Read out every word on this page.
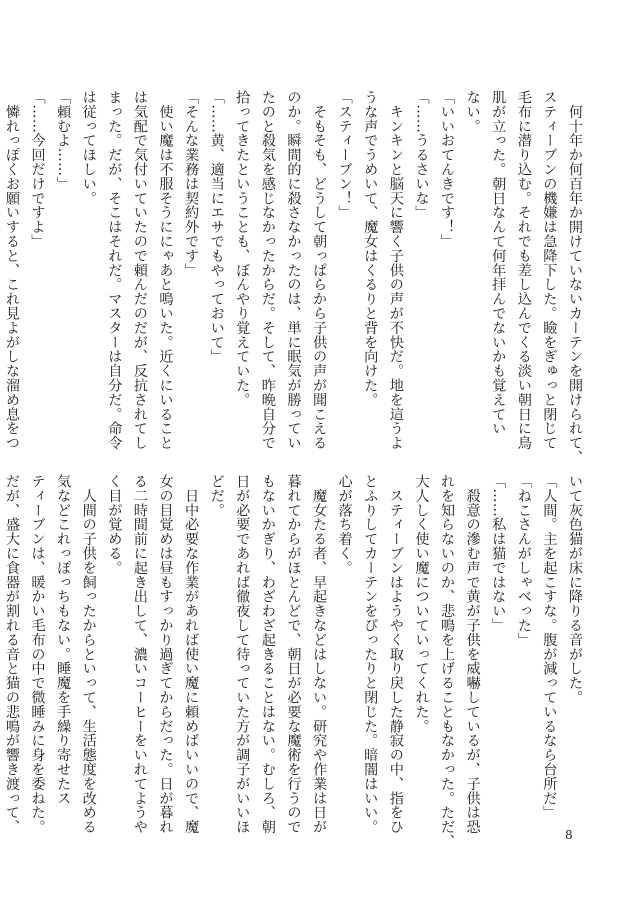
　何十年か何百年か開けていないカーテンを開けられて、

スティーブンの機嫌は急降下した。瞼をぎゅっと閉じて

毛布に潜り込む。それでも差し込んでくる淡い朝日に鳥

肌が立った。朝日なんて何年拝んでないかも覚えてい

ない。

「いいおてんきです！」

「……うるさいな」

　キンキンと脳天に響く子供の声が不快だ。地を這うよ

うな声でうめいて、魔女はくるりと背を向けた。

「スティーブン！」

　そもそも、どうして朝っぱらから子供の声が聞こえる

のか。瞬間的に殺さなかったのは、単に眠気が勝ってい

たのと殺気を感じなかったからだ。そして、昨晩自分で

拾ってきたということも、ぼんやり覚えていた。

「……黄、適当にエサでもやっておいて」

「そんな業務は契約外です」

　使い魔は不服そうににゃあと鳴いた。近くにいること

は気配で気付いていたので頼んだのだが、反抗されてし

まった。だが、そこはそれだ。マスターは自分だ。命令

は従ってほしい。

「頼むよ……」

「……今回だけですよ」

　憐れっぽくお願いすると、これ見よがしな溜め息をつ

いて灰色猫が床に降りる音がした。

「人間。主を起こすな。腹が減っているなら台所だ」

「ねこさんがしゃべった」

「……私は猫ではない」

　殺意の滲む声で黄が子供を威嚇しているが、子供は恐

れを知らないのか、悲鳴を上げることもなかった。ただ、

大人しく使い魔についていってくれた。

　スティーブンはようやく取り戻した静寂の中、指をひ

とふりしてカーテンをぴったりと閉じた。暗闇はいい。

心が落ち着く。

　魔女たる者、早起きなどはしない。研究や作業は日が

暮れてからがほとんどで、朝日が必要な魔術を行うので

もないかぎり、わざわざ起きることはない。むしろ、朝

日が必要であれば徹夜して待っていた方が調子がいいほ

どだ。

　日中必要な作業があれば使い魔に頼めばいいので、魔

女の目覚めは昼もすっかり過ぎてからだった。日が暮れ

る二時間前に起き出して、濃いコーヒーをいれてようや

く目が覚める。

　人間の子供を飼ったからといって、生活態度を改める

気などこれっぽっちもない。睡魔を手繰り寄せたス

ティーブンは、暖かい毛布の中で微睡みに身を委ねた。

だが、盛大に食器が割れる音と猫の悲鳴が響き渡って、

8
